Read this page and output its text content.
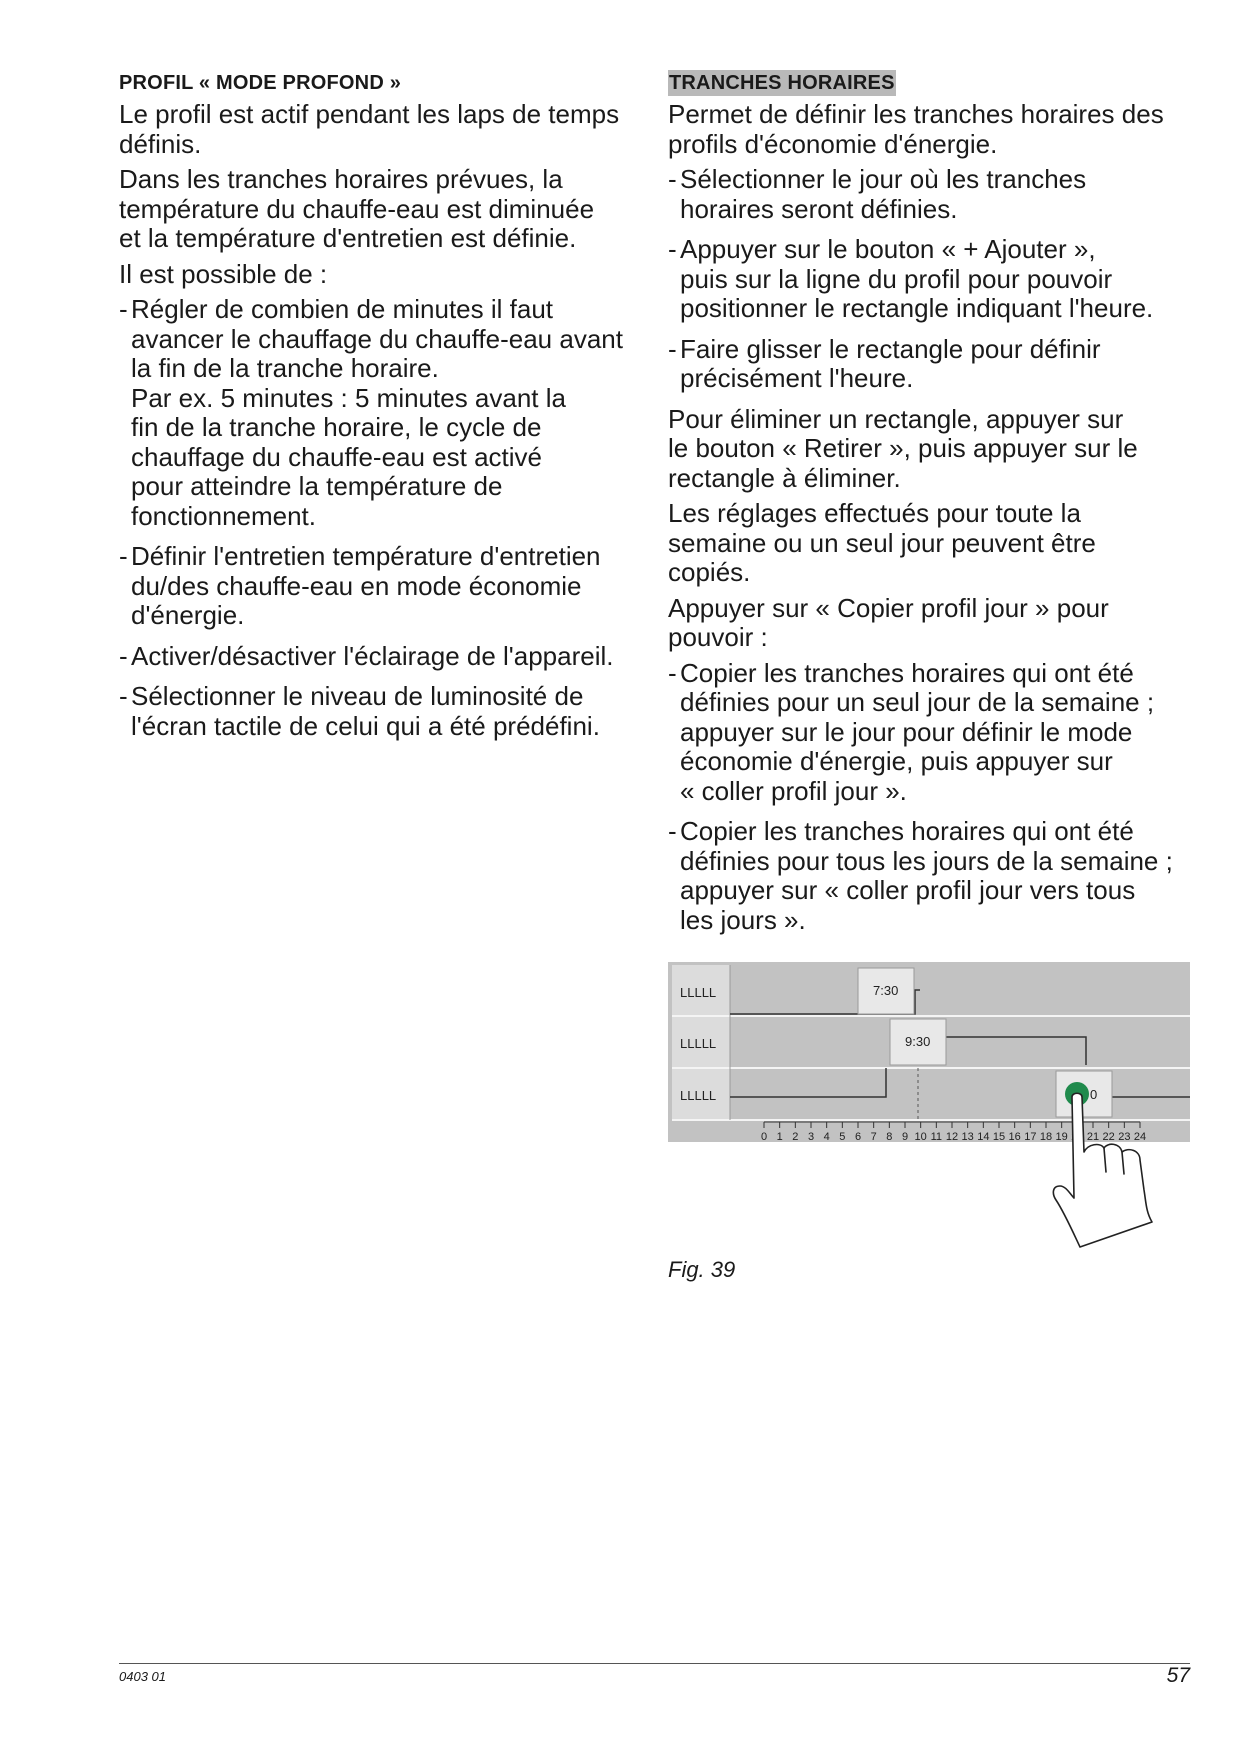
PROFIL « MODE PROFOND »
Le profil est actif pendant les laps de temps
définis.
Dans les tranches horaires prévues, la
température du chauffe-eau est diminuée
et la température d'entretien est définie.
Il est possible de :
- Régler de combien de minutes il faut
avancer le chauffage du chauffe-eau avant
la fin de la tranche horaire.
Par ex. 5 minutes : 5 minutes avant la
fin de la tranche horaire, le cycle de
chauffage du chauffe-eau est activé
pour atteindre la température de
fonctionnement.
- Définir l'entretien température d'entretien
du/des chauffe-eau en mode économie
d'énergie.
- Activer/désactiver l'éclairage de l'appareil.
- Sélectionner le niveau de luminosité de
l'écran tactile de celui qui a été prédéfini.
TRANCHES HORAIRES
Permet de définir les tranches horaires des
profils d'économie d'énergie.
- Sélectionner le jour où les tranches
horaires seront définies.
- Appuyer sur le bouton « + Ajouter »,
puis sur la ligne du profil pour pouvoir
positionner le rectangle indiquant l'heure.
- Faire glisser le rectangle pour définir
précisément l'heure.
Pour éliminer un rectangle, appuyer sur
le bouton « Retirer », puis appuyer sur le
rectangle à éliminer.
Les réglages effectués pour toute la
semaine ou un seul jour peuvent être
copiés.
Appuyer sur « Copier profil jour » pour
pouvoir :
- Copier les tranches horaires qui ont été
définies pour un seul jour de la semaine ;
appuyer sur le jour pour définir le mode
économie d'énergie, puis appuyer sur
« coller profil jour ».
- Copier les tranches horaires qui ont été
définies pour tous les jours de la semaine ;
appuyer sur « coller profil jour vers tous
les jours ».
LLLLL
LLLLL
LLLLL
7:30
9:30
0
0 1 2 3 4 5 6 7 8 9 10 11 12 13 14 15 16 17 18 19 21 22 23 24
Fig. 39
0403 01	57
